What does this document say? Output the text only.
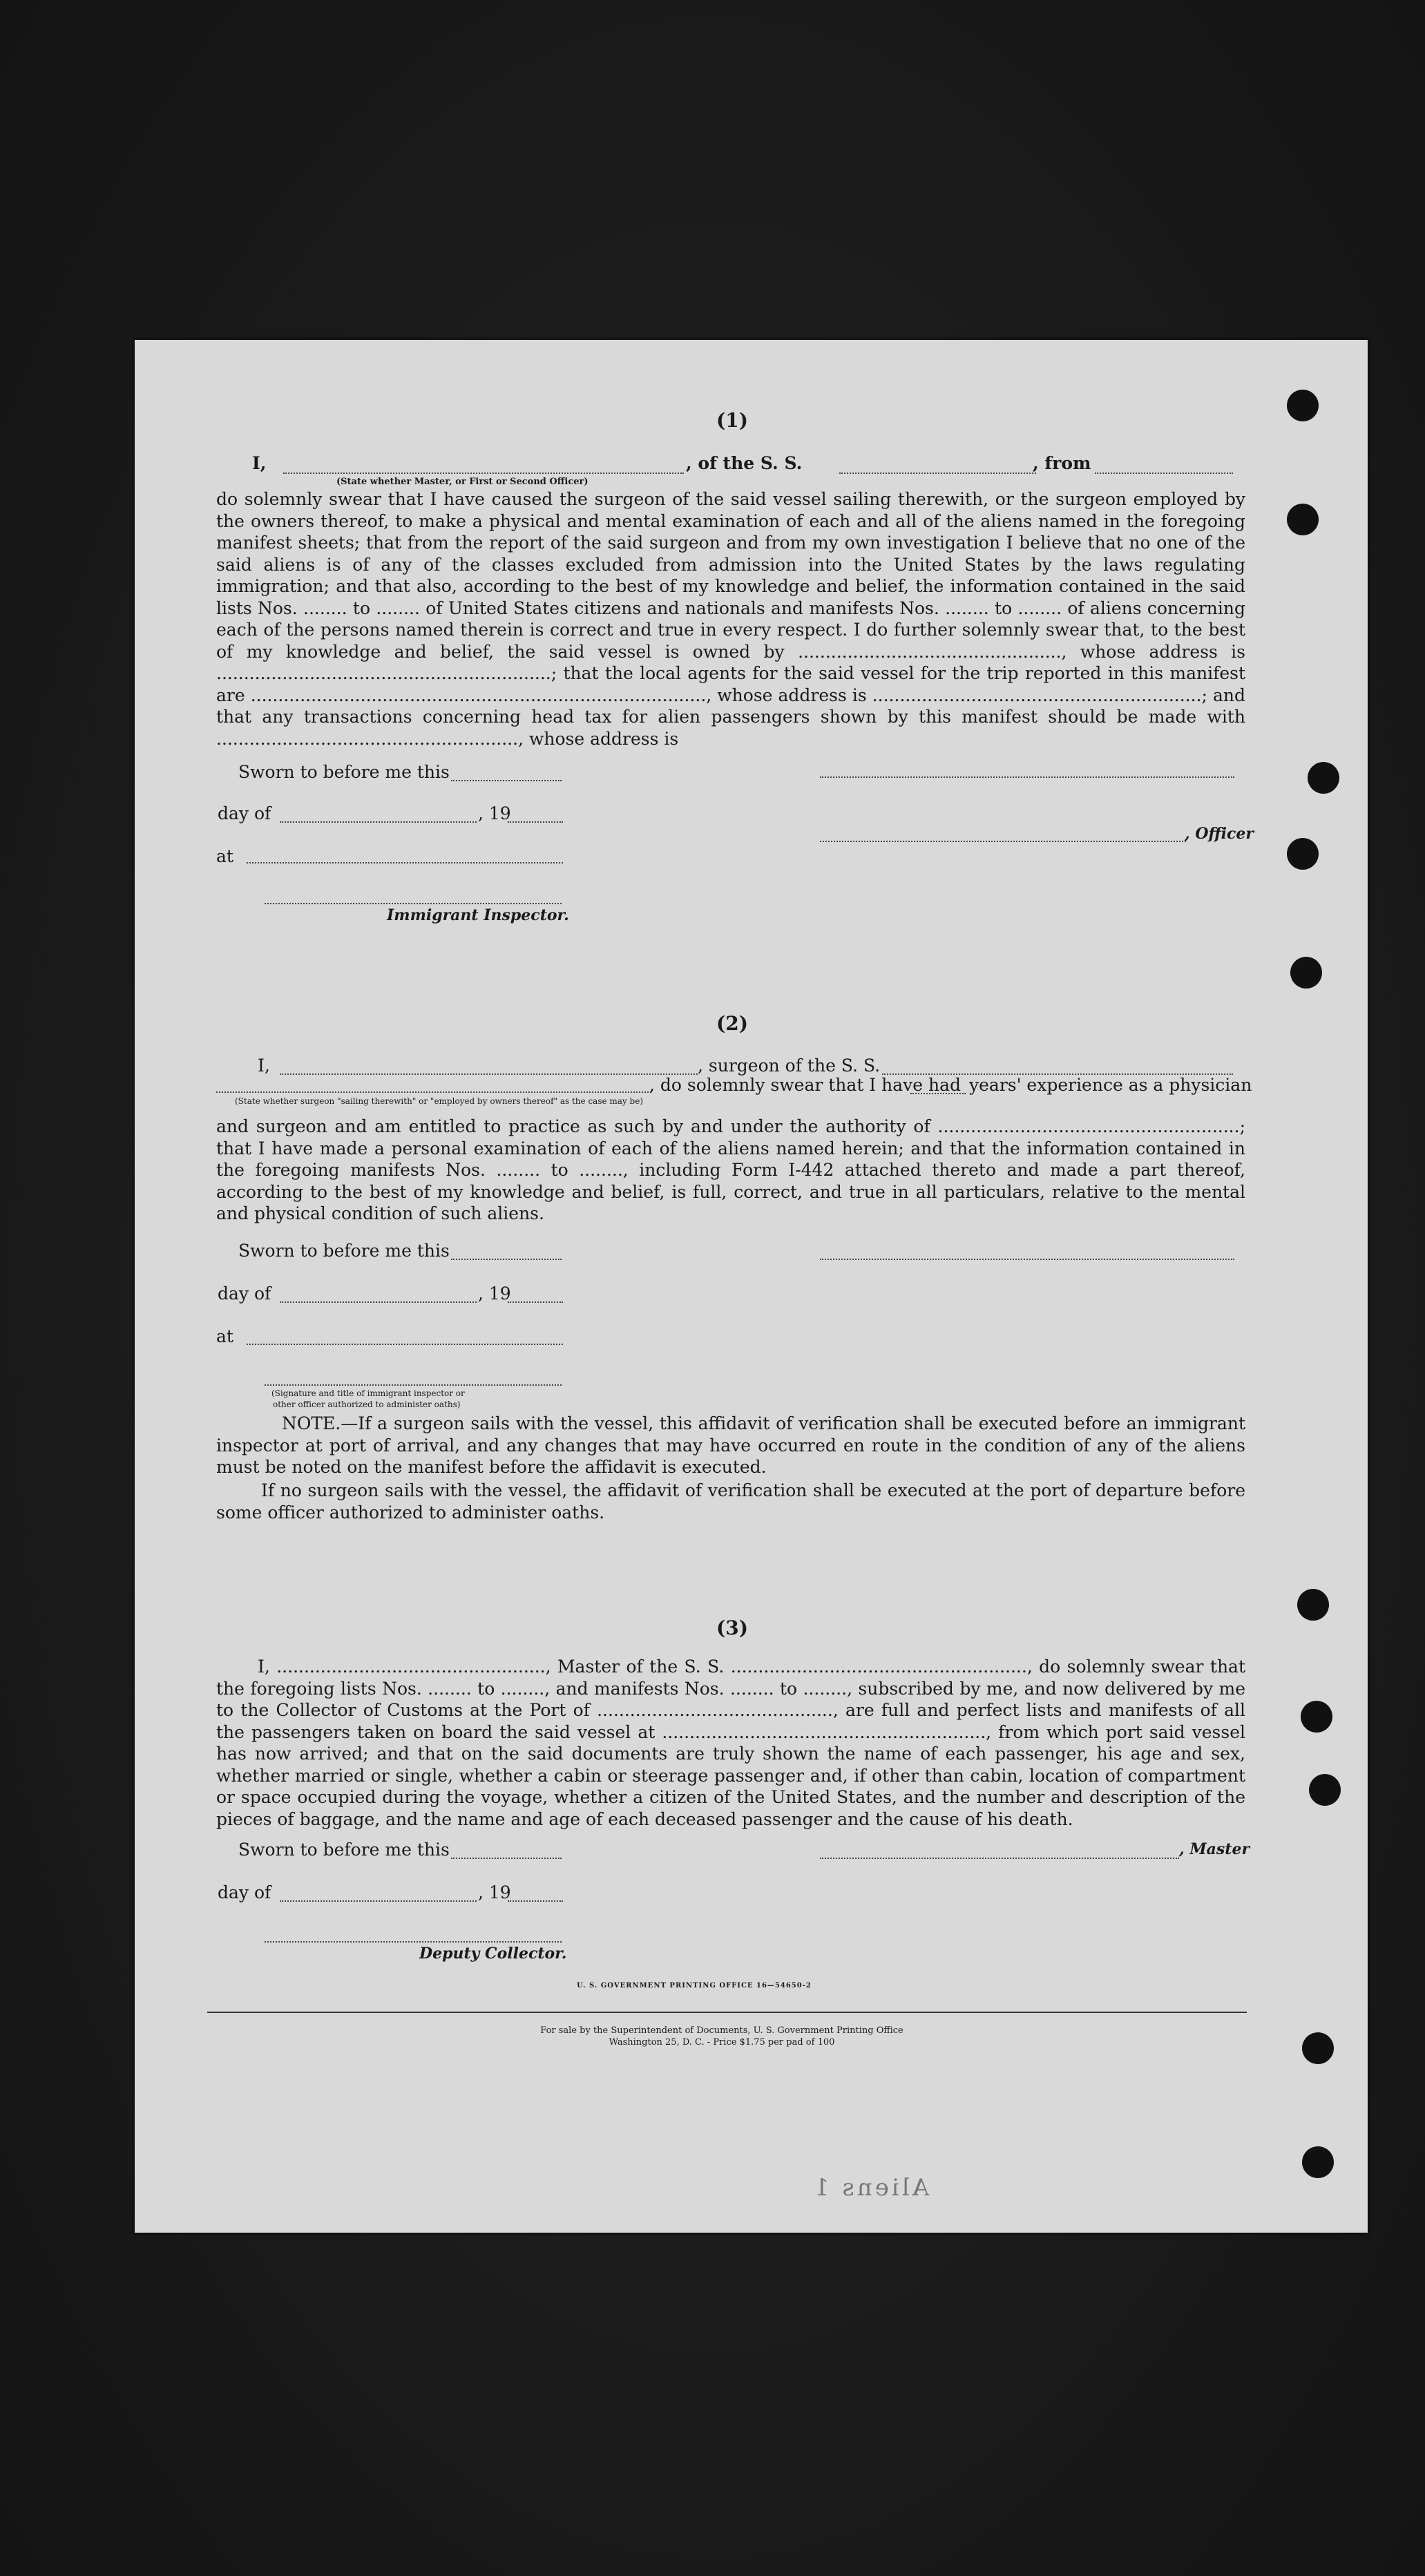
(1)
I,	, of the S. S.	, from
(State whether Master, or First or Second Officer)
do solemnly swear that I have caused the surgeon of the said vessel sailing therewith, or the surgeon employed by the owners thereof, to make a physical and mental examination of each and all of the aliens named in the foregoing manifest sheets; that from the report of the said surgeon and from my own investigation I believe that no one of the said aliens is of any of the classes excluded from admission into the United States by the laws regulating immigration; and that also, according to the best of my knowledge and belief, the information contained in the said lists Nos. ........ to ........ of United States citizens and nationals and manifests Nos. ........ to ........ of aliens concerning each of the persons named therein is correct and true in every respect. I do further solemnly swear that, to the best of my knowledge and belief, the said vessel is owned by ................................................, whose address is .............................................................; that the local agents for the said vessel for the trip reported in this manifest are ..................................................................................., whose address is ............................................................; and that any transactions concerning head tax for alien passengers shown by this manifest should be made with ......................................................., whose address is
Sworn to before me this
day of	, 19
, Officer
at
Immigrant Inspector.
(2)
I,	, surgeon of the S. S.
, do solemnly swear that I have had years' experience as a physician
(State whether surgeon "sailing therewith" or "employed by owners thereof" as the case may be)
and surgeon and am entitled to practice as such by and under the authority of .......................................................; that I have made a personal examination of each of the aliens named herein; and that the information contained in the foregoing manifests Nos. ........ to ........, including Form I-442 attached thereto and made a part thereof, according to the best of my knowledge and belief, is full, correct, and true in all particulars, relative to the mental and physical condition of such aliens.
Sworn to before me this
day of	, 19
at
(Signature and title of immigrant inspector or
other officer authorized to administer oaths)
NOTE.—If a surgeon sails with the vessel, this affidavit of verification shall be executed before an immigrant inspector at port of arrival, and any changes that may have occurred en route in the condition of any of the aliens must be noted on the manifest before the affidavit is executed.
If no surgeon sails with the vessel, the affidavit of verification shall be executed at the port of departure before some officer authorized to administer oaths.
(3)
I, ................................................., Master of the S. S. ......................................................, do solemnly swear that the foregoing lists Nos. ........ to ........, and manifests Nos. ........ to ........, subscribed by me, and now delivered by me to the Collector of Customs at the Port of ..........................................., are full and perfect lists and manifests of all the passengers taken on board the said vessel at ..........................................................., from which port said vessel has now arrived; and that on the said documents are truly shown the name of each passenger, his age and sex, whether married or single, whether a cabin or steerage passenger and, if other than cabin, location of compartment or space occupied during the voyage, whether a citizen of the United States, and the number and description of the pieces of baggage, and the name and age of each deceased passenger and the cause of his death.
Sworn to before me this	, Master
day of	, 19
Deputy Collector.
U. S. GOVERNMENT PRINTING OFFICE 16—54650-2
For sale by the Superintendent of Documents, U. S. Government Printing Office
Washington 25, D. C. - Price $1.75 per pad of 100
Aliens 1
